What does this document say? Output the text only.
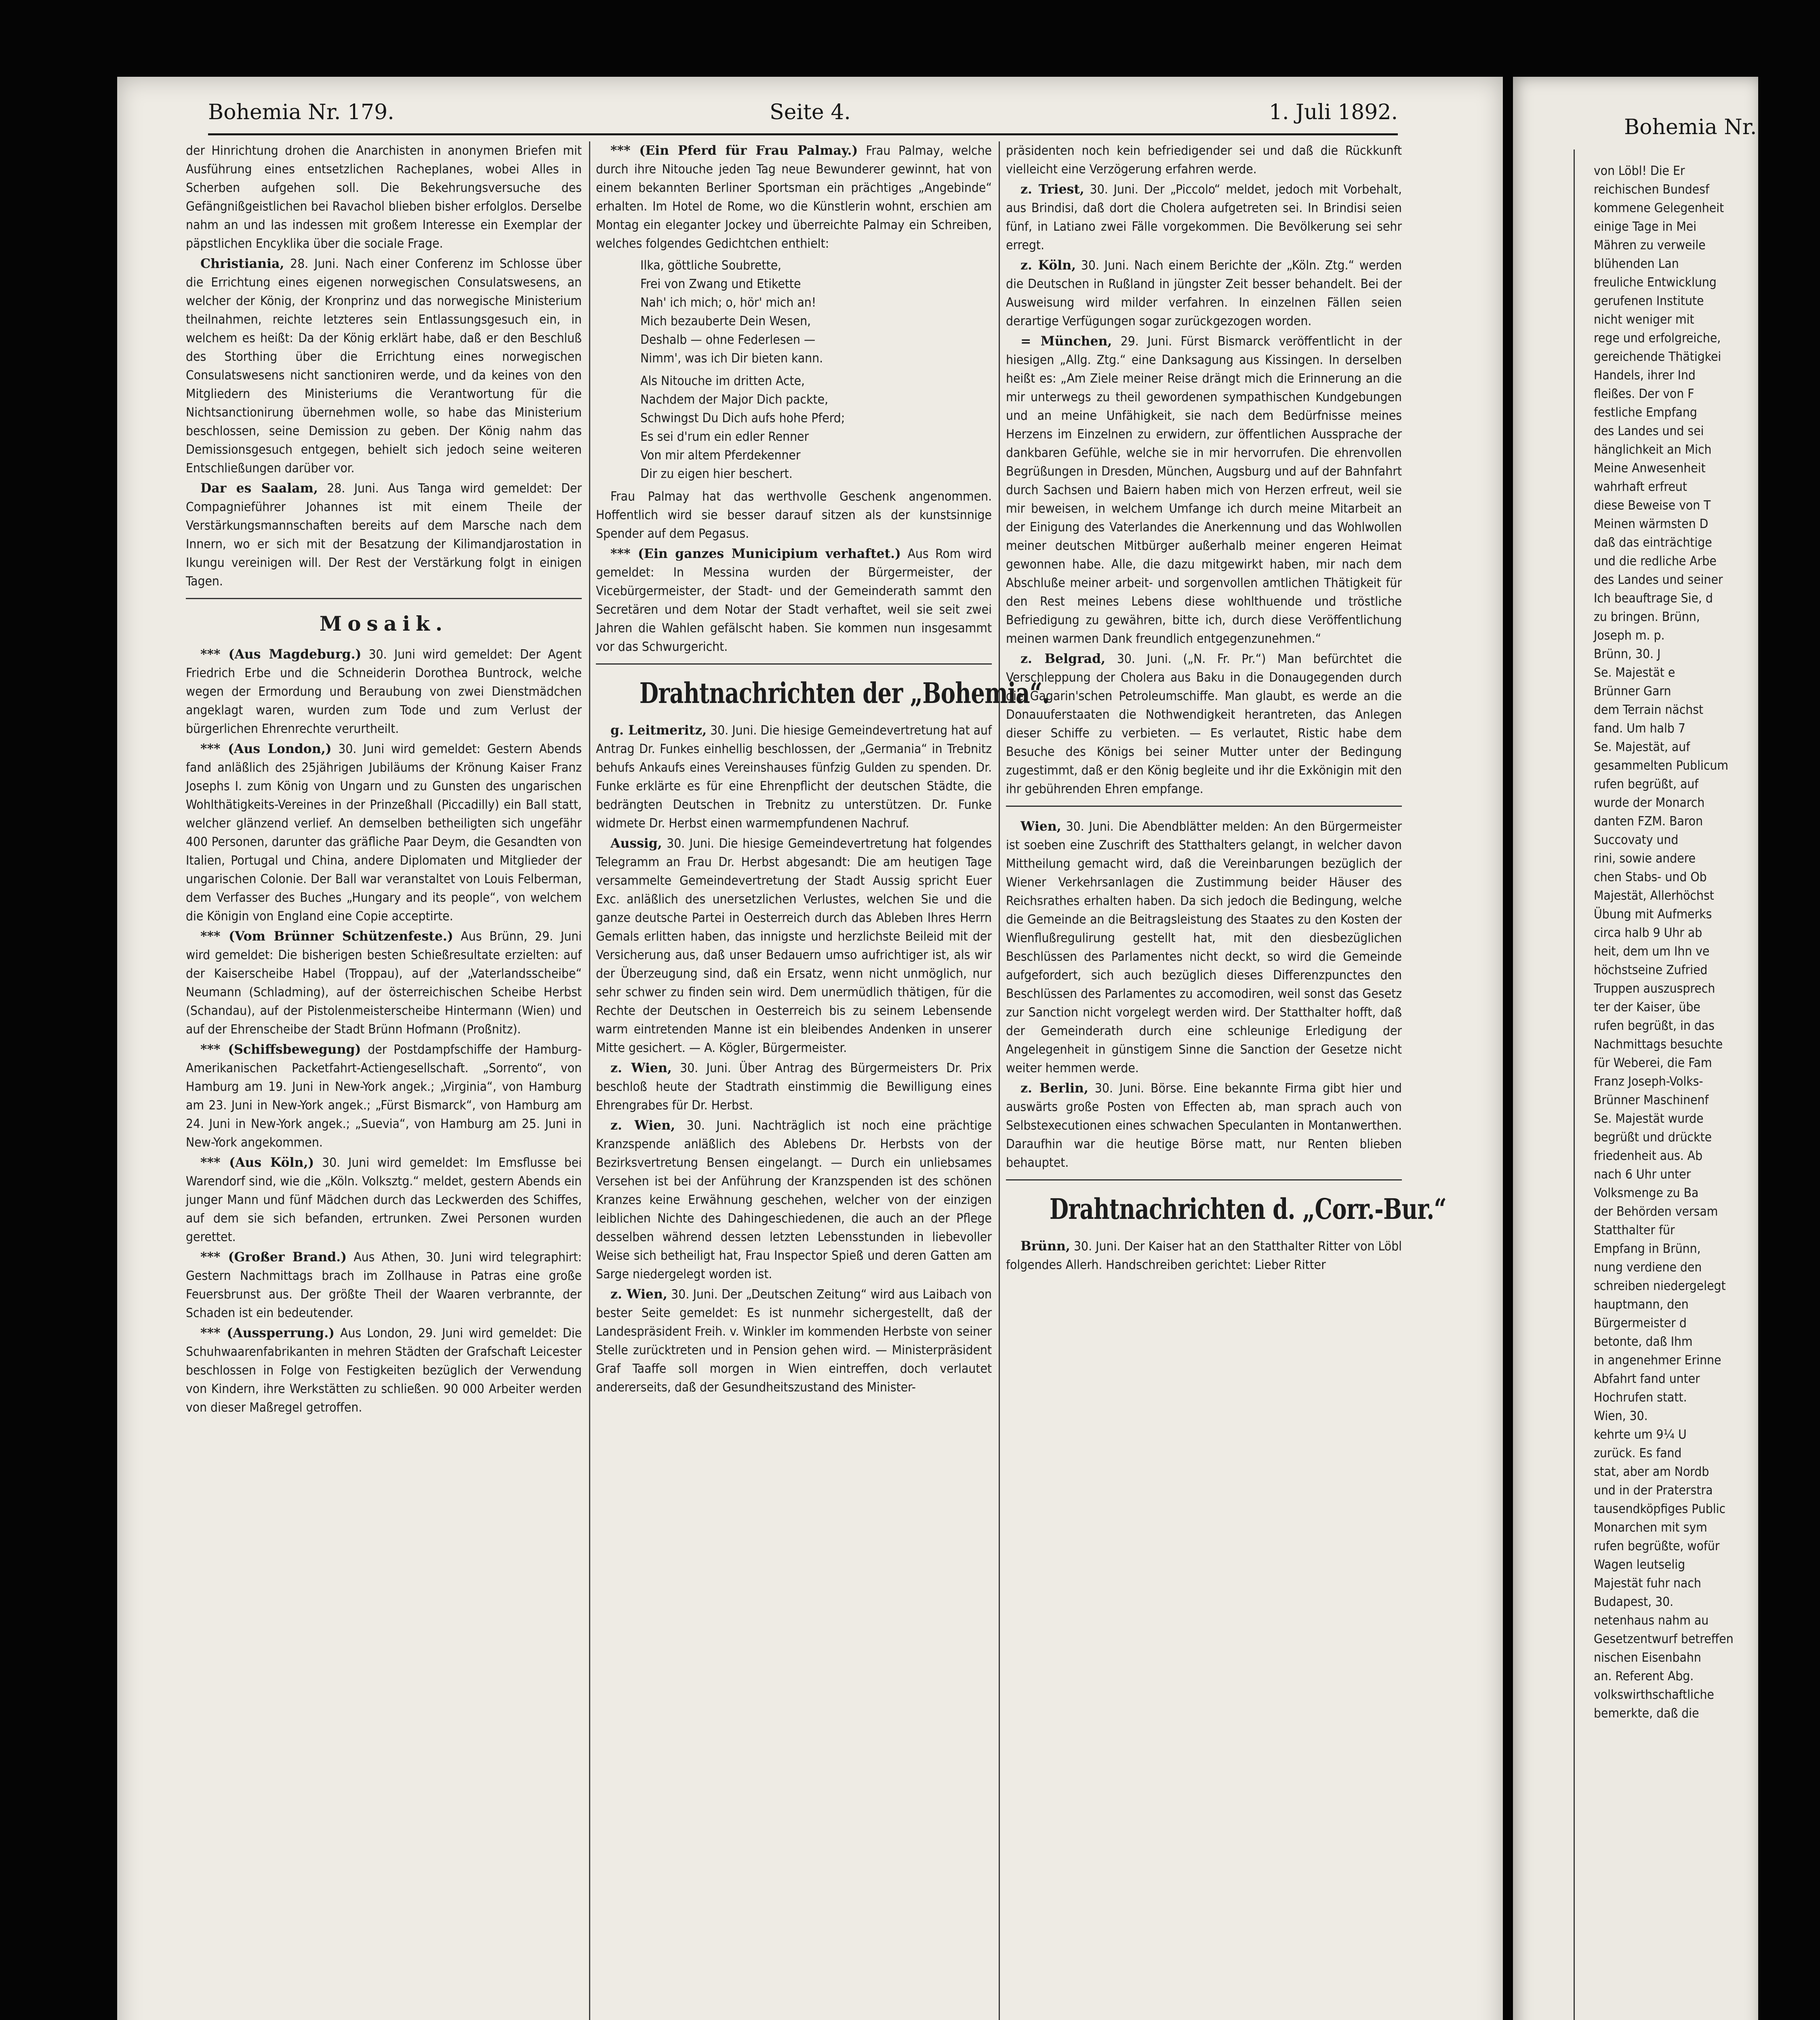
Bohemia Nr. 179.	Seite 4.	1. Juli 1892.

der Hinrichtung drohen die Anarchisten in anonymen Briefen mit Ausführung eines entsetzlichen Racheplanes, wobei Alles in Scherben aufgehen soll. Die Bekehrungsversuche des Gefängnißgeistlichen bei Ravachol blieben bisher erfolglos. Derselbe nahm an und las indessen mit großem Interesse ein Exemplar der päpstlichen Encyklika über die sociale Frage.

Christiania, 28. Juni. Nach einer Conferenz im Schlosse über die Errichtung eines eigenen norwegischen Consulatswesens, an welcher der König, der Kronprinz und das norwegische Ministerium theilnahmen, reichte letzteres sein Entlassungsgesuch ein, in welchem es heißt: Da der König erklärt habe, daß er den Beschluß des Storthing über die Errichtung eines norwegischen Consulatswesens nicht sanctioniren werde, und da keines von den Mitgliedern des Ministeriums die Verantwortung für die Nichtsanctionirung übernehmen wolle, so habe das Ministerium beschlossen, seine Demission zu geben. Der König nahm das Demissionsgesuch entgegen, behielt sich jedoch seine weiteren Entschließungen darüber vor.

Dar es Saalam, 28. Juni. Aus Tanga wird gemeldet: Der Compagnieführer Johannes ist mit einem Theile der Verstärkungsmannschaften bereits auf dem Marsche nach dem Innern, wo er sich mit der Besatzung der Kilimandjarostation in Ikungu vereinigen will. Der Rest der Verstärkung folgt in einigen Tagen.

Mosaik.

*** (Aus Magdeburg.) 30. Juni wird gemeldet: Der Agent Friedrich Erbe und die Schneiderin Dorothea Buntrock, welche wegen der Ermordung und Beraubung von zwei Dienstmädchen angeklagt waren, wurden zum Tode und zum Verlust der bürgerlichen Ehrenrechte verurtheilt.

*** (Aus London,) 30. Juni wird gemeldet: Gestern Abends fand anläßlich des 25jährigen Jubiläums der Krönung Kaiser Franz Josephs I. zum König von Ungarn und zu Gunsten des ungarischen Wohlthätigkeits-Vereines in der Prinzeßhall (Piccadilly) ein Ball statt, welcher glänzend verlief. An demselben betheiligten sich ungefähr 400 Personen, darunter das gräfliche Paar Deym, die Gesandten von Italien, Portugal und China, andere Diplomaten und Mitglieder der ungarischen Colonie. Der Ball war veranstaltet von Louis Felberman, dem Verfasser des Buches „Hungary and its people“, von welchem die Königin von England eine Copie acceptirte.

*** (Vom Brünner Schützenfeste.) Aus Brünn, 29. Juni wird gemeldet: Die bisherigen besten Schießresultate erzielten: auf der Kaiserscheibe Habel (Troppau), auf der „Vaterlandsscheibe“ Neumann (Schladming), auf der österreichischen Scheibe Herbst (Schandau), auf der Pistolenmeisterscheibe Hintermann (Wien) und auf der Ehrenscheibe der Stadt Brünn Hofmann (Proßnitz).

*** (Schiffsbewegung) der Postdampfschiffe der Hamburg-Amerikanischen Packetfahrt-Actiengesellschaft. „Sorrento“, von Hamburg am 19. Juni in New-York angek.; „Virginia“, von Hamburg am 23. Juni in New-York angek.; „Fürst Bismarck“, von Hamburg am 24. Juni in New-York angek.; „Suevia“, von Hamburg am 25. Juni in New-York angekommen.

*** (Aus Köln,) 30. Juni wird gemeldet: Im Emsflusse bei Warendorf sind, wie die „Köln. Volksztg.“ meldet, gestern Abends ein junger Mann und fünf Mädchen durch das Leckwerden des Schiffes, auf dem sie sich befanden, ertrunken. Zwei Personen wurden gerettet.

*** (Großer Brand.) Aus Athen, 30. Juni wird telegraphirt: Gestern Nachmittags brach im Zollhause in Patras eine große Feuersbrunst aus. Der größte Theil der Waaren verbrannte, der Schaden ist ein bedeutender.

*** (Aussperrung.) Aus London, 29. Juni wird gemeldet: Die Schuhwaarenfabrikanten in mehren Städten der Grafschaft Leicester beschlossen in Folge von Festigkeiten bezüglich der Verwendung von Kindern, ihre Werkstätten zu schließen. 90 000 Arbeiter werden von dieser Maßregel getroffen.

*** (Ein Pferd für Frau Palmay.) Frau Palmay, welche durch ihre Nitouche jeden Tag neue Bewunderer gewinnt, hat von einem bekannten Berliner Sportsman ein prächtiges „Angebinde“ erhalten. Im Hotel de Rome, wo die Künstlerin wohnt, erschien am Montag ein eleganter Jockey und überreichte Palmay ein Schreiben, welches folgendes Gedichtchen enthielt:

Ilka, göttliche Soubrette,
Frei von Zwang und Etikette
Nah' ich mich; o, hör' mich an!
Mich bezauberte Dein Wesen,
Deshalb — ohne Federlesen —
Nimm', was ich Dir bieten kann.
Als Nitouche im dritten Acte,
Nachdem der Major Dich packte,
Schwingst Du Dich aufs hohe Pferd;
Es sei d'rum ein edler Renner
Von mir altem Pferdekenner
Dir zu eigen hier beschert.

Frau Palmay hat das werthvolle Geschenk angenommen. Hoffentlich wird sie besser darauf sitzen als der kunstsinnige Spender auf dem Pegasus.

*** (Ein ganzes Municipium verhaftet.) Aus Rom wird gemeldet: In Messina wurden der Bürgermeister, der Vicebürgermeister, der Stadt- und der Gemeinderath sammt den Secretären und dem Notar der Stadt verhaftet, weil sie seit zwei Jahren die Wahlen gefälscht haben. Sie kommen nun insgesammt vor das Schwurgericht.

Drahtnachrichten der „Bohemia“.

g. Leitmeritz, 30. Juni. Die hiesige Gemeindevertretung hat auf Antrag Dr. Funkes einhellig beschlossen, der „Germania“ in Trebnitz behufs Ankaufs eines Vereinshauses fünfzig Gulden zu spenden. Dr. Funke erklärte es für eine Ehrenpflicht der deutschen Städte, die bedrängten Deutschen in Trebnitz zu unterstützen. Dr. Funke widmete Dr. Herbst einen warmempfundenen Nachruf.

Aussig, 30. Juni. Die hiesige Gemeindevertretung hat folgendes Telegramm an Frau Dr. Herbst abgesandt: Die am heutigen Tage versammelte Gemeindevertretung der Stadt Aussig spricht Euer Exc. anläßlich des unersetzlichen Verlustes, welchen Sie und die ganze deutsche Partei in Oesterreich durch das Ableben Ihres Herrn Gemals erlitten haben, das innigste und herzlichste Beileid mit der Versicherung aus, daß unser Bedauern umso aufrichtiger ist, als wir der Überzeugung sind, daß ein Ersatz, wenn nicht unmöglich, nur sehr schwer zu finden sein wird. Dem unermüdlich thätigen, für die Rechte der Deutschen in Oesterreich bis zu seinem Lebensende warm eintretenden Manne ist ein bleibendes Andenken in unserer Mitte gesichert. — A. Kögler, Bürgermeister.

z. Wien, 30. Juni. Über Antrag des Bürgermeisters Dr. Prix beschloß heute der Stadtrath einstimmig die Bewilligung eines Ehrengrabes für Dr. Herbst.

z. Wien, 30. Juni. Nachträglich ist noch eine prächtige Kranzspende anläßlich des Ablebens Dr. Herbsts von der Bezirksvertretung Bensen eingelangt. — Durch ein unliebsames Versehen ist bei der Anführung der Kranzspenden ist des schönen Kranzes keine Erwähnung geschehen, welcher von der einzigen leiblichen Nichte des Dahingeschiedenen, die auch an der Pflege desselben während dessen letzten Lebensstunden in liebevoller Weise sich betheiligt hat, Frau Inspector Spieß und deren Gatten am Sarge niedergelegt worden ist.

z. Wien, 30. Juni. Der „Deutschen Zeitung“ wird aus Laibach von bester Seite gemeldet: Es ist nunmehr sichergestellt, daß der Landespräsident Freih. v. Winkler im kommenden Herbste von seiner Stelle zurücktreten und in Pension gehen wird. — Ministerpräsident Graf Taaffe soll morgen in Wien eintreffen, doch verlautet andererseits, daß der Gesundheitszustand des Minister-

präsidenten noch kein befriedigender sei und daß die Rückkunft vielleicht eine Verzögerung erfahren werde.

z. Triest, 30. Juni. Der „Piccolo“ meldet, jedoch mit Vorbehalt, aus Brindisi, daß dort die Cholera aufgetreten sei. In Brindisi seien fünf, in Latiano zwei Fälle vorgekommen. Die Bevölkerung sei sehr erregt.

z. Köln, 30. Juni. Nach einem Berichte der „Köln. Ztg.“ werden die Deutschen in Rußland in jüngster Zeit besser behandelt. Bei der Ausweisung wird milder verfahren. In einzelnen Fällen seien derartige Verfügungen sogar zurückgezogen worden.

= München, 29. Juni. Fürst Bismarck veröffentlicht in der hiesigen „Allg. Ztg.“ eine Danksagung aus Kissingen. In derselben heißt es: „Am Ziele meiner Reise drängt mich die Erinnerung an die mir unterwegs zu theil gewordenen sympathischen Kundgebungen und an meine Unfähigkeit, sie nach dem Bedürfnisse meines Herzens im Einzelnen zu erwidern, zur öffentlichen Aussprache der dankbaren Gefühle, welche sie in mir hervorrufen. Die ehrenvollen Begrüßungen in Dresden, München, Augsburg und auf der Bahnfahrt durch Sachsen und Baiern haben mich von Herzen erfreut, weil sie mir beweisen, in welchem Umfange ich durch meine Mitarbeit an der Einigung des Vaterlandes die Anerkennung und das Wohlwollen meiner deutschen Mitbürger außerhalb meiner engeren Heimat gewonnen habe. Alle, die dazu mitgewirkt haben, mir nach dem Abschluße meiner arbeit- und sorgenvollen amtlichen Thätigkeit für den Rest meines Lebens diese wohlthuende und tröstliche Befriedigung zu gewähren, bitte ich, durch diese Veröffentlichung meinen warmen Dank freundlich entgegenzunehmen.“

z. Belgrad, 30. Juni. („N. Fr. Pr.“) Man befürchtet die Verschleppung der Cholera aus Baku in die Donaugegenden durch die Gagarin'schen Petroleumschiffe. Man glaubt, es werde an die Donauuferstaaten die Nothwendigkeit herantreten, das Anlegen dieser Schiffe zu verbieten. — Es verlautet, Ristic habe dem Besuche des Königs bei seiner Mutter unter der Bedingung zugestimmt, daß er den König begleite und ihr die Exkönigin mit den ihr gebührenden Ehren empfange.

Wien, 30. Juni. Die Abendblätter melden: An den Bürgermeister ist soeben eine Zuschrift des Statthalters gelangt, in welcher davon Mittheilung gemacht wird, daß die Vereinbarungen bezüglich der Wiener Verkehrsanlagen die Zustimmung beider Häuser des Reichsrathes erhalten haben. Da sich jedoch die Bedingung, welche die Gemeinde an die Beitragsleistung des Staates zu den Kosten der Wienflußregulirung gestellt hat, mit den diesbezüglichen Beschlüssen des Parlamentes nicht deckt, so wird die Gemeinde aufgefordert, sich auch bezüglich dieses Differenzpunctes den Beschlüssen des Parlamentes zu accomodiren, weil sonst das Gesetz zur Sanction nicht vorgelegt werden wird. Der Statthalter hofft, daß der Gemeinderath durch eine schleunige Erledigung der Angelegenheit in günstigem Sinne die Sanction der Gesetze nicht weiter hemmen werde.

z. Berlin, 30. Juni. Börse. Eine bekannte Firma gibt hier und auswärts große Posten von Effecten ab, man sprach auch von Selbstexecutionen eines schwachen Speculanten in Montanwerthen. Daraufhin war die heutige Börse matt, nur Renten blieben behauptet.

Drahtnachrichten d. „Corr.-Bur.“

Brünn, 30. Juni. Der Kaiser hat an den Statthalter Ritter von Löbl folgendes Allerh. Handschreiben gerichtet: Lieber Ritter

Bohemia Nr.
von Löbl! Die Er
reichischen Bundesf
kommene Gelegenheit
einige Tage in Mei
Mähren zu verweile
blühenden Lan
freuliche Entwicklung
gerufenen Institute
nicht weniger mit
rege und erfolgreiche,
gereichende Thätigkei
Handels, ihrer Ind
fleißes. Der von F
festliche Empfang
des Landes und sei
hänglichkeit an Mich
Meine Anwesenheit
wahrhaft erfreut
diese Beweise von T
Meinen wärmsten D
daß das einträchtige
und die redliche Arbe
des Landes und seiner
Ich beauftrage Sie, d
zu bringen. Brünn,
Joseph m. p.
Brünn, 30. J
Se. Majestät e
Brünner Garn
dem Terrain nächst
fand. Um halb 7
Se. Majestät, auf
gesammelten Publicum
rufen begrüßt, auf
wurde der Monarch
danten FZM. Baron
Succovaty und
rini, sowie andere
chen Stabs- und Ob
Majestät, Allerhöchst
Übung mit Aufmerks
circa halb 9 Uhr ab
heit, dem um Ihn ve
höchstseine Zufried
Truppen auszusprech
ter der Kaiser, übe
rufen begrüßt, in das
Nachmittags besuchte
für Weberei, die Fam
Franz Joseph-Volks-
Brünner Maschinenf
Se. Majestät wurde
begrüßt und drückte
friedenheit aus. Ab
nach 6 Uhr unter
Volksmenge zu Ba
der Behörden versam
Statthalter für
Empfang in Brünn,
nung verdiene den
schreiben niedergelegt
hauptmann, den
Bürgermeister d
betonte, daß Ihm
in angenehmer Erinne
Abfahrt fand unter
Hochrufen statt.
Wien, 30.
kehrte um 9¼ U
zurück. Es fand
stat, aber am Nordb
und in der Praterstra
tausendköpfiges Public
Monarchen mit sym
rufen begrüßte, wofür
Wagen leutselig
Majestät fuhr nach
Budapest, 30.
netenhaus nahm au
Gesetzentwurf betreffen
nischen Eisenbahn
an. Referent Abg.
volkswirthschaftliche
bemerkte, daß die
